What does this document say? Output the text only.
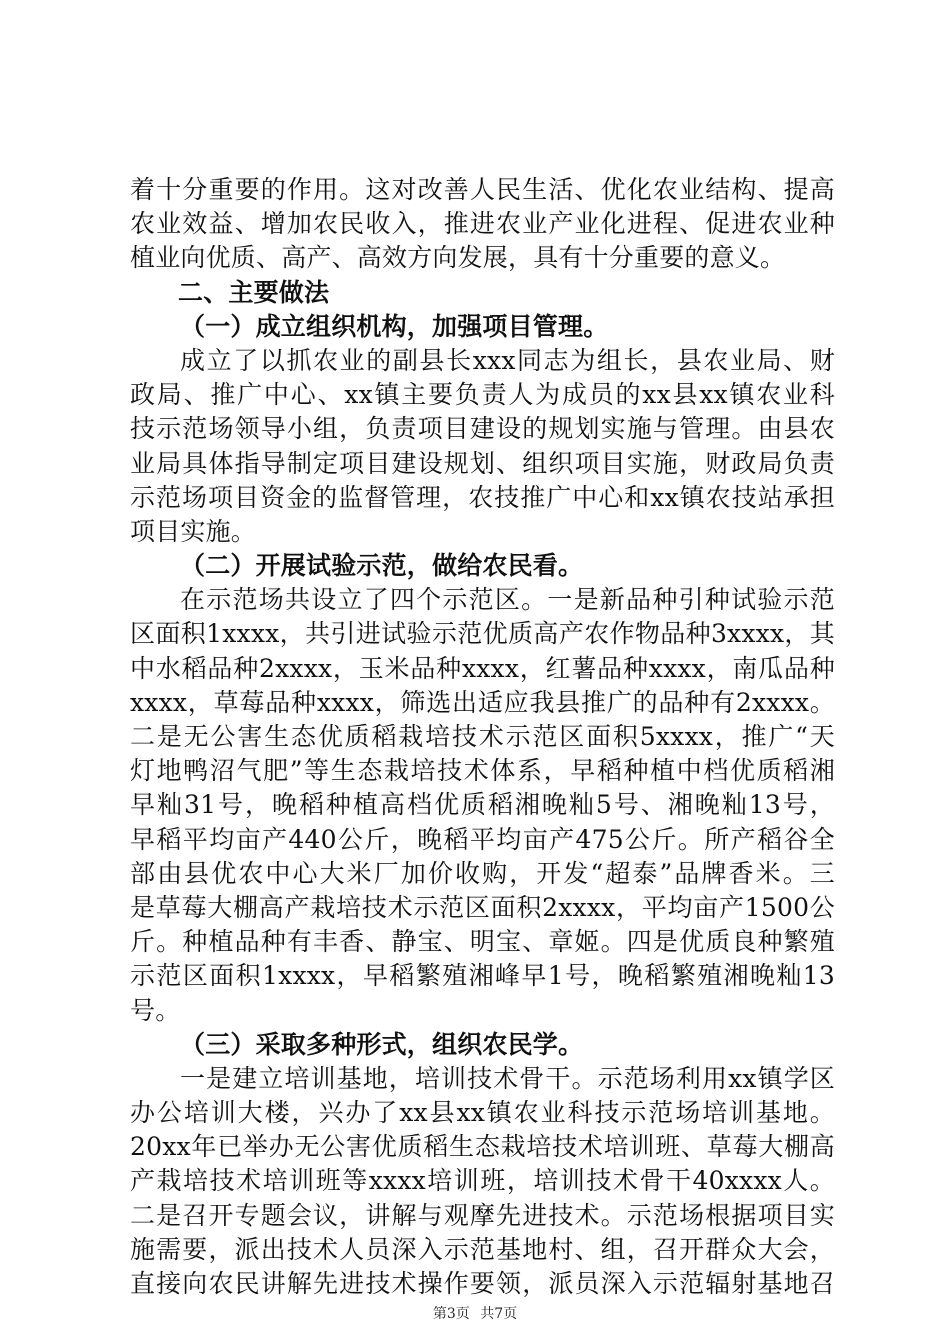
着十分重要的作用。这对改善人民生活、优化农业结构、提高
农业效益、增加农民收入，推进农业产业化进程、促进农业种
植业向优质、高产、高效方向发展，具有十分重要的意义。
二、主要做法
（一）成立组织机构，加强项目管理。
成立了以抓农业的副县长xxx同志为组长，县农业局、财
政局、推广中心、xx镇主要负责人为成员的xx县xx镇农业科
技示范场领导小组，负责项目建设的规划实施与管理。由县农
业局具体指导制定项目建设规划、组织项目实施，财政局负责
示范场项目资金的监督管理，农技推广中心和xx镇农技站承担
项目实施。
（二）开展试验示范，做给农民看。
在示范场共设立了四个示范区。一是新品种引种试验示范
区面积1xxxx，共引进试验示范优质高产农作物品种3xxxx，其
中水稻品种2xxxx，玉米品种xxxx，红薯品种xxxx，南瓜品种
xxxx，草莓品种xxxx，筛选出适应我县推广的品种有2xxxx。
二是无公害生态优质稻栽培技术示范区面积5xxxx，推广“天
灯地鸭沼气肥”等生态栽培技术体系，早稻种植中档优质稻湘
早籼31号，晚稻种植高档优质稻湘晚籼5号、湘晚籼13号，
早稻平均亩产440公斤，晚稻平均亩产475公斤。所产稻谷全
部由县优农中心大米厂加价收购，开发“超泰”品牌香米。三
是草莓大棚高产栽培技术示范区面积2xxxx，平均亩产1500公
斤。种植品种有丰香、静宝、明宝、章姬。四是优质良种繁殖
示范区面积1xxxx，早稻繁殖湘峰早1号，晚稻繁殖湘晚籼13
号。
（三）采取多种形式，组织农民学。
一是建立培训基地，培训技术骨干。示范场利用xx镇学区
办公培训大楼，兴办了xx县xx镇农业科技示范场培训基地。
20xx年已举办无公害优质稻生态栽培技术培训班、草莓大棚高
产栽培技术培训班等xxxx培训班，培训技术骨干40xxxx人。
二是召开专题会议，讲解与观摩先进技术。示范场根据项目实
施需要，派出技术人员深入示范基地村、组，召开群众大会，
直接向农民讲解先进技术操作要领，派员深入示范辐射基地召
第3页 共7页
